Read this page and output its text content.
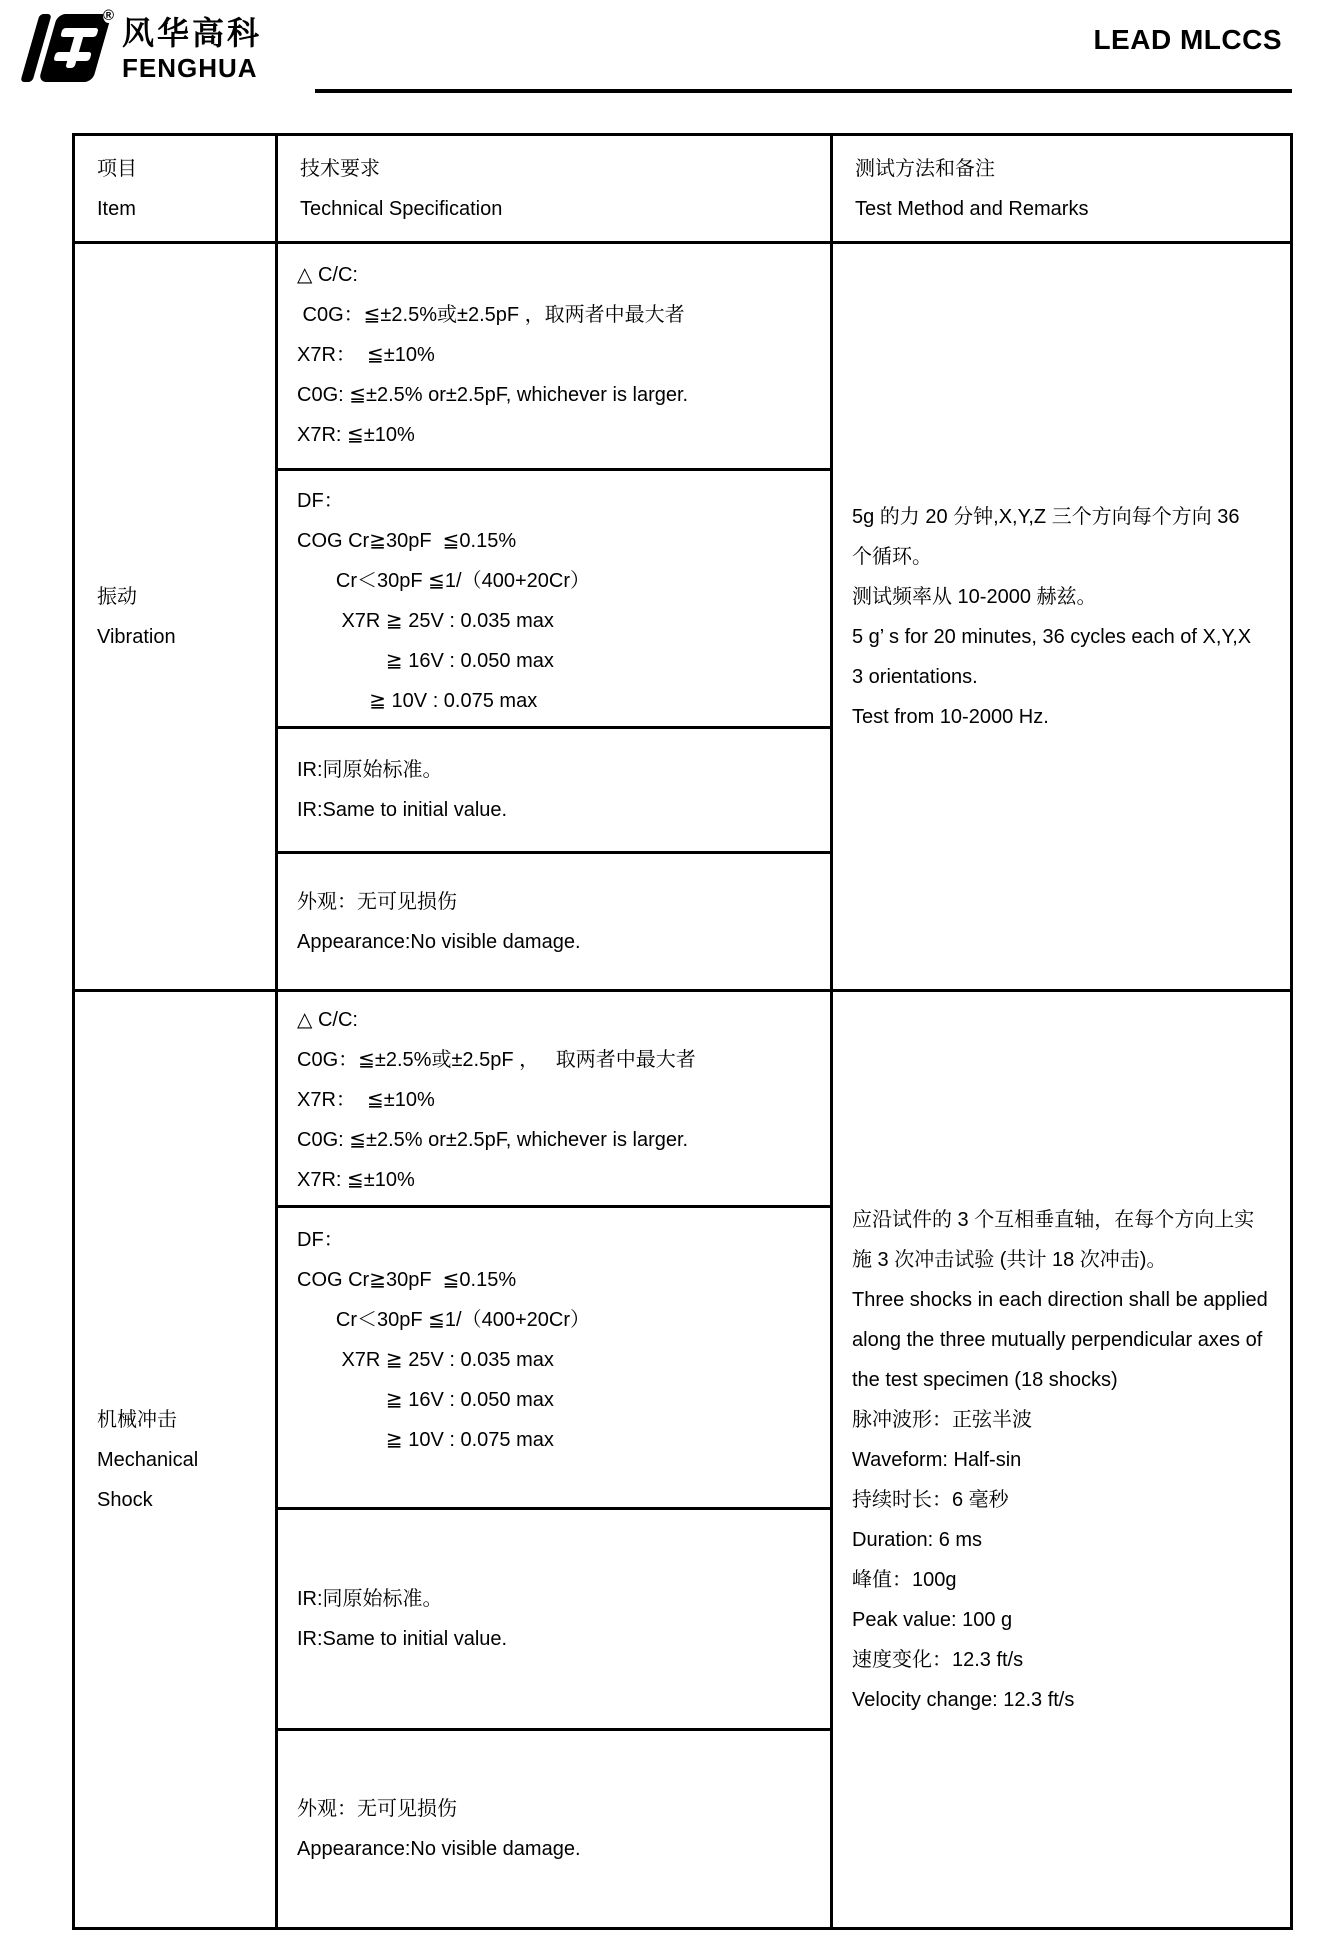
® 风华高科
FENGHUA
LEAD MLCCS
项目
Item
技术要求
Technical Specification
测试方法和备注
Test Method and Remarks
振动
Vibration
△ C/C:
C0G：≦±2.5%或±2.5pF ，取两者中最大者
X7R：  ≦±10%
C0G: ≦±2.5% or±2.5pF, whichever is larger.
X7R: ≦±10%
DF：
COG Cr≧30pF  ≦0.15%
Cr＜30pF ≦1/（400+20Cr）
X7R ≧ 25V : 0.035 max
≧ 16V : 0.050 max
≧ 10V : 0.075 max
IR:同原始标准。
IR:Same to initial value.
外观：无可见损伤
Appearance:No visible damage.
5g 的力 20 分钟,X,Y,Z 三个方向每个方向 36
个循环。
测试频率从 10-2000 赫兹。
5 g’ s for 20 minutes, 36 cycles each of X,Y,X
3 orientations.
Test from 10-2000 Hz.
机械冲击
Mechanical
Shock
△ C/C:
C0G：≦±2.5%或±2.5pF ，   取两者中最大者
X7R：  ≦±10%
C0G: ≦±2.5% or±2.5pF, whichever is larger.
X7R: ≦±10%
DF：
COG Cr≧30pF  ≦0.15%
Cr＜30pF ≦1/（400+20Cr）
X7R ≧ 25V : 0.035 max
≧ 16V : 0.050 max
≧ 10V : 0.075 max
IR:同原始标准。
IR:Same to initial value.
外观：无可见损伤
Appearance:No visible damage.
应沿试件的 3 个互相垂直轴，在每个方向上实
施 3 次冲击试验 (共计 18 次冲击)。
Three shocks in each direction shall be applied
along the three mutually perpendicular axes of
the test specimen (18 shocks)
脉冲波形：正弦半波
Waveform: Half-sin
持续时长：6 毫秒
Duration: 6 ms
峰值：100g
Peak value: 100 g
速度变化：12.3 ft/s
Velocity change: 12.3 ft/s
